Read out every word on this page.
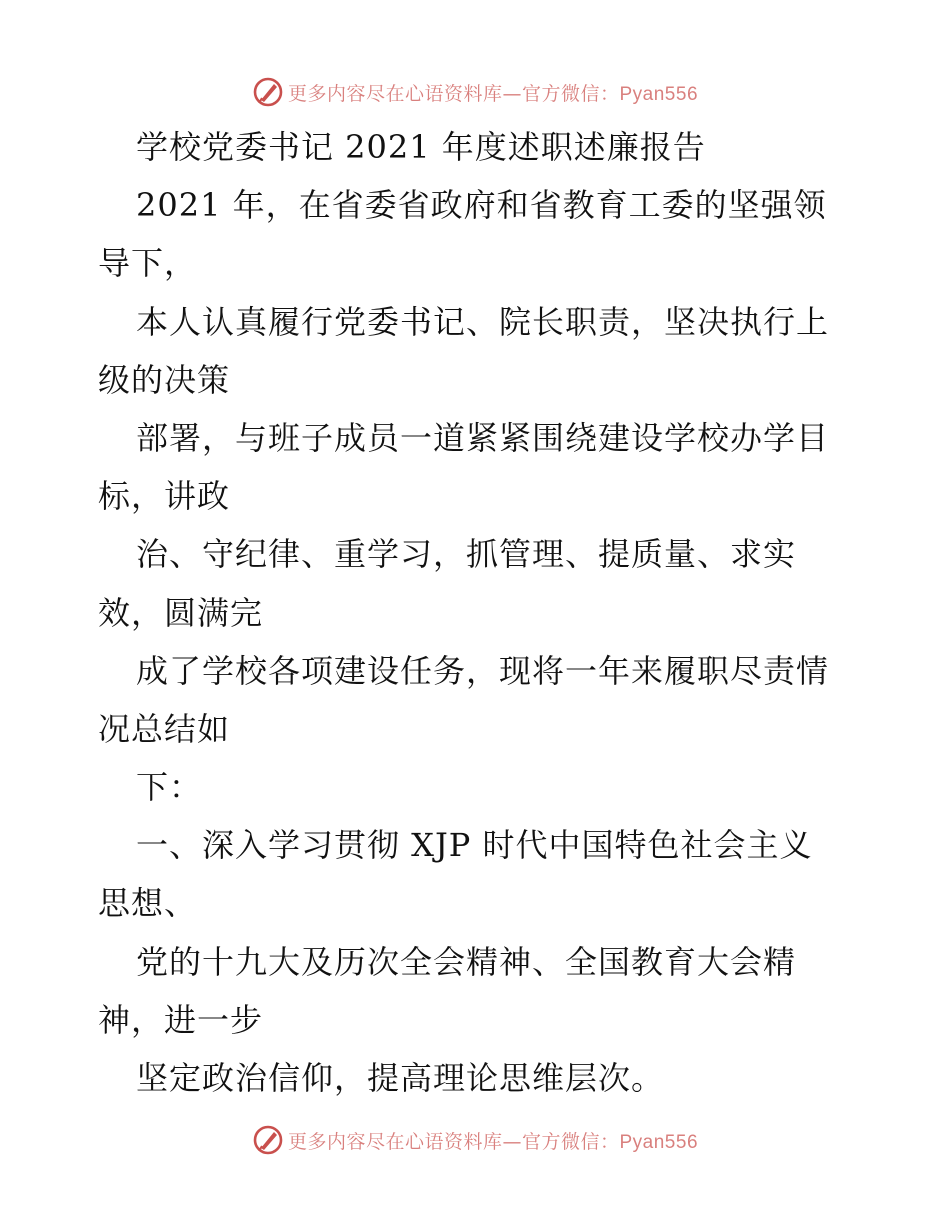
更多内容尽在心语资料库—官方微信：Pyan556
学校党委书记 2021 年度述职述廉报告
2021 年，在省委省政府和省教育工委的坚强领
导下，
本人认真履行党委书记、院长职责，坚决执行上
级的决策
部署，与班子成员一道紧紧围绕建设学校办学目
标，讲政
治、守纪律、重学习，抓管理、提质量、求实
效，圆满完
成了学校各项建设任务，现将一年来履职尽责情
况总结如
下：
一、深入学习贯彻 XJP 时代中国特色社会主义
思想、
党的十九大及历次全会精神、全国教育大会精
神，进一步
坚定政治信仰，提高理论思维层次。
更多内容尽在心语资料库—官方微信：Pyan556
